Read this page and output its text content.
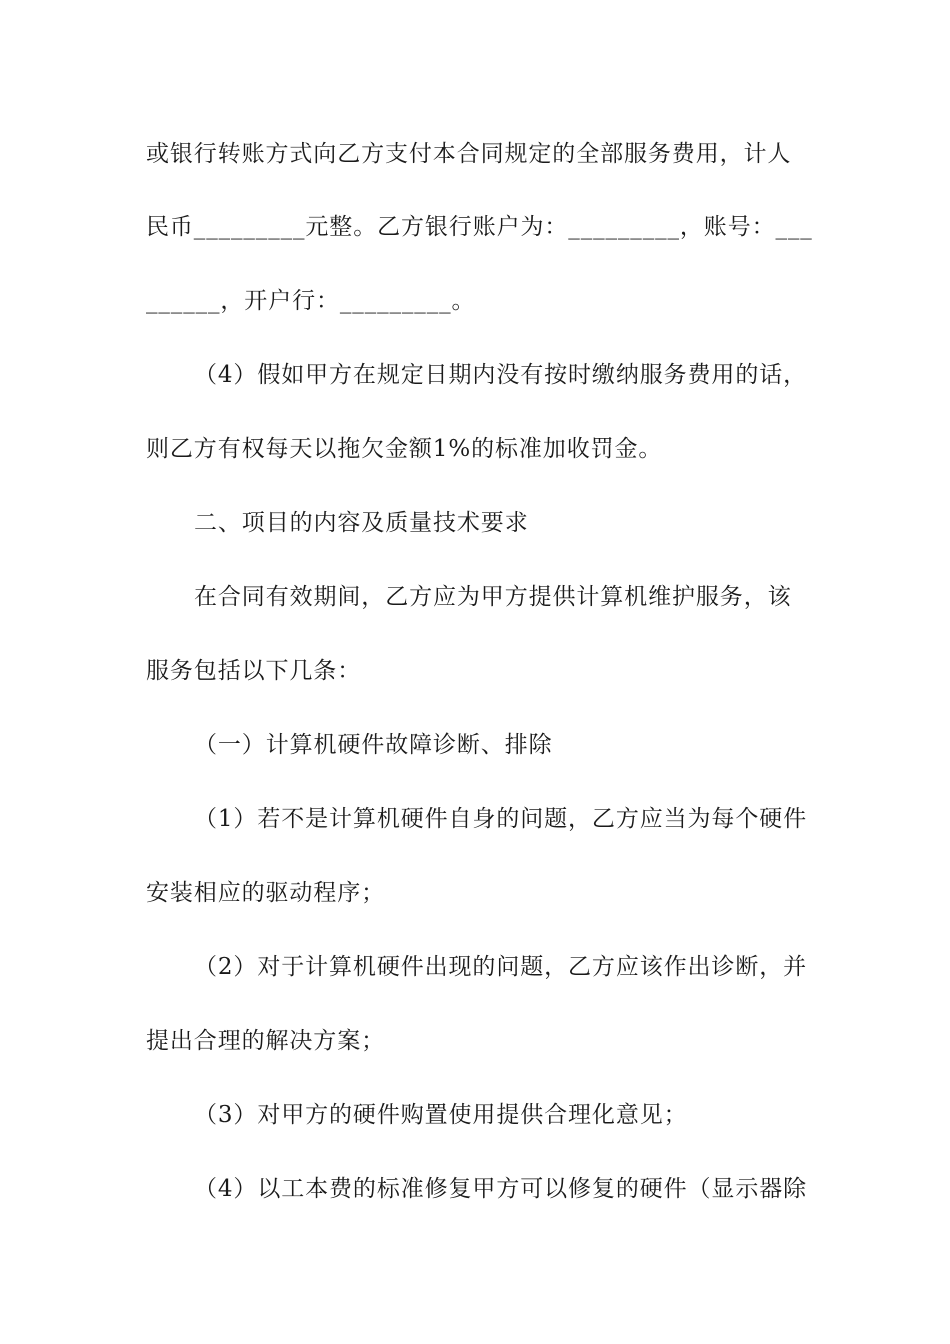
或银行转账方式向乙方支付本合同规定的全部服务费用，计人
民币_________元整。乙方银行账户为：_________，账号：___
______，开户行：_________。
（4）假如甲方在规定日期内没有按时缴纳服务费用的话，
则乙方有权每天以拖欠金额1%的标准加收罚金。
二、项目的内容及质量技术要求
在合同有效期间，乙方应为甲方提供计算机维护服务，该
服务包括以下几条：
（一）计算机硬件故障诊断、排除
（1）若不是计算机硬件自身的问题，乙方应当为每个硬件
安装相应的驱动程序；
（2）对于计算机硬件出现的问题，乙方应该作出诊断，并
提出合理的解决方案；
（3）对甲方的硬件购置使用提供合理化意见；
（4）以工本费的标准修复甲方可以修复的硬件（显示器除
